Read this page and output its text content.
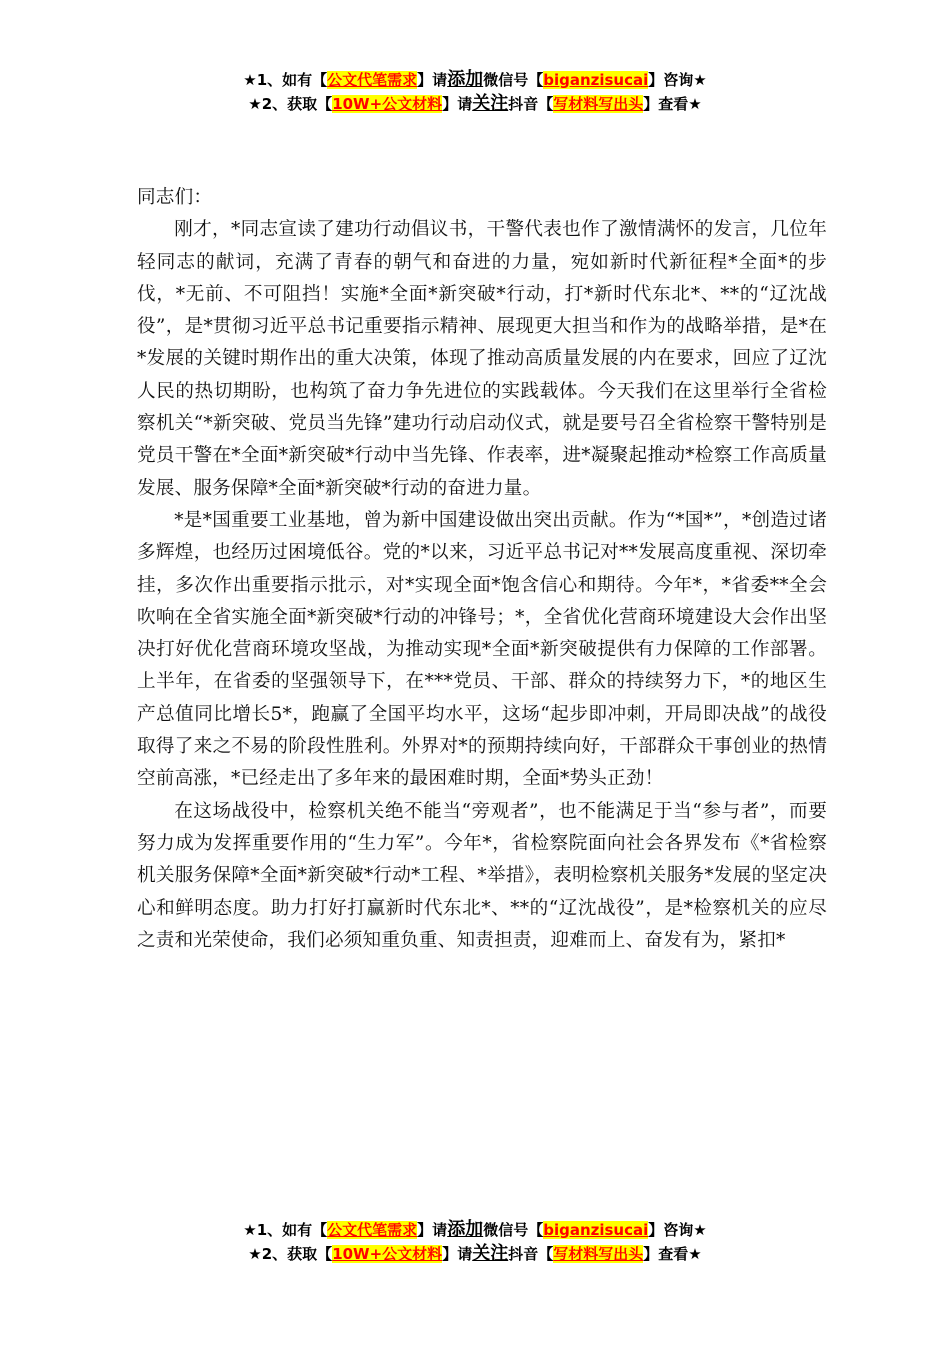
★1、如有【公文代笔需求】请添加微信号【biganzisucai】咨询★
★2、获取【10W+公文材料】请关注抖音【写材料写出头】查看★

同志们：

刚才，*同志宣读了建功行动倡议书，干警代表也作了激情满怀的发言，几位年轻同志的献词，充满了青春的朝气和奋进的力量，宛如新时代新征程*全面*的步伐，*无前、不可阻挡！实施*全面*新突破*行动，打*新时代东北*、**的“辽沈战役”，是*贯彻习近平总书记重要指示精神、展现更大担当和作为的战略举措，是*在*发展的关键时期作出的重大决策，体现了推动高质量发展的内在要求，回应了辽沈人民的热切期盼，也构筑了奋力争先进位的实践载体。今天我们在这里举行全省检察机关“*新突破、党员当先锋”建功行动启动仪式，就是要号召全省检察干警特别是党员干警在*全面*新突破*行动中当先锋、作表率，进*凝聚起推动*检察工作高质量发展、服务保障*全面*新突破*行动的奋进力量。

*是*国重要工业基地，曾为新中国建设做出突出贡献。作为“*国*”，*创造过诸多辉煌，也经历过困境低谷。党的*以来，习近平总书记对**发展高度重视、深切牵挂，多次作出重要指示批示，对*实现全面*饱含信心和期待。今年*，*省委**全会吹响在全省实施全面*新突破*行动的冲锋号；*，全省优化营商环境建设大会作出坚决打好优化营商环境攻坚战，为推动实现*全面*新突破提供有力保障的工作部署。上半年，在省委的坚强领导下，在***党员、干部、群众的持续努力下，*的地区生产总值同比增长5*，跑赢了全国平均水平，这场“起步即冲刺，开局即决战”的战役取得了来之不易的阶段性胜利。外界对*的预期持续向好，干部群众干事创业的热情空前高涨，*已经走出了多年来的最困难时期，全面*势头正劲！

在这场战役中，检察机关绝不能当“旁观者”，也不能满足于当“参与者”，而要努力成为发挥重要作用的“生力军”。今年*，省检察院面向社会各界发布《*省检察机关服务保障*全面*新突破*行动*工程、*举措》，表明检察机关服务*发展的坚定决心和鲜明态度。助力打好打赢新时代东北*、**的“辽沈战役”，是*检察机关的应尽之责和光荣使命，我们必须知重负重、知责担责，迎难而上、奋发有为，紧扣*

★1、如有【公文代笔需求】请添加微信号【biganzisucai】咨询★
★2、获取【10W+公文材料】请关注抖音【写材料写出头】查看★
